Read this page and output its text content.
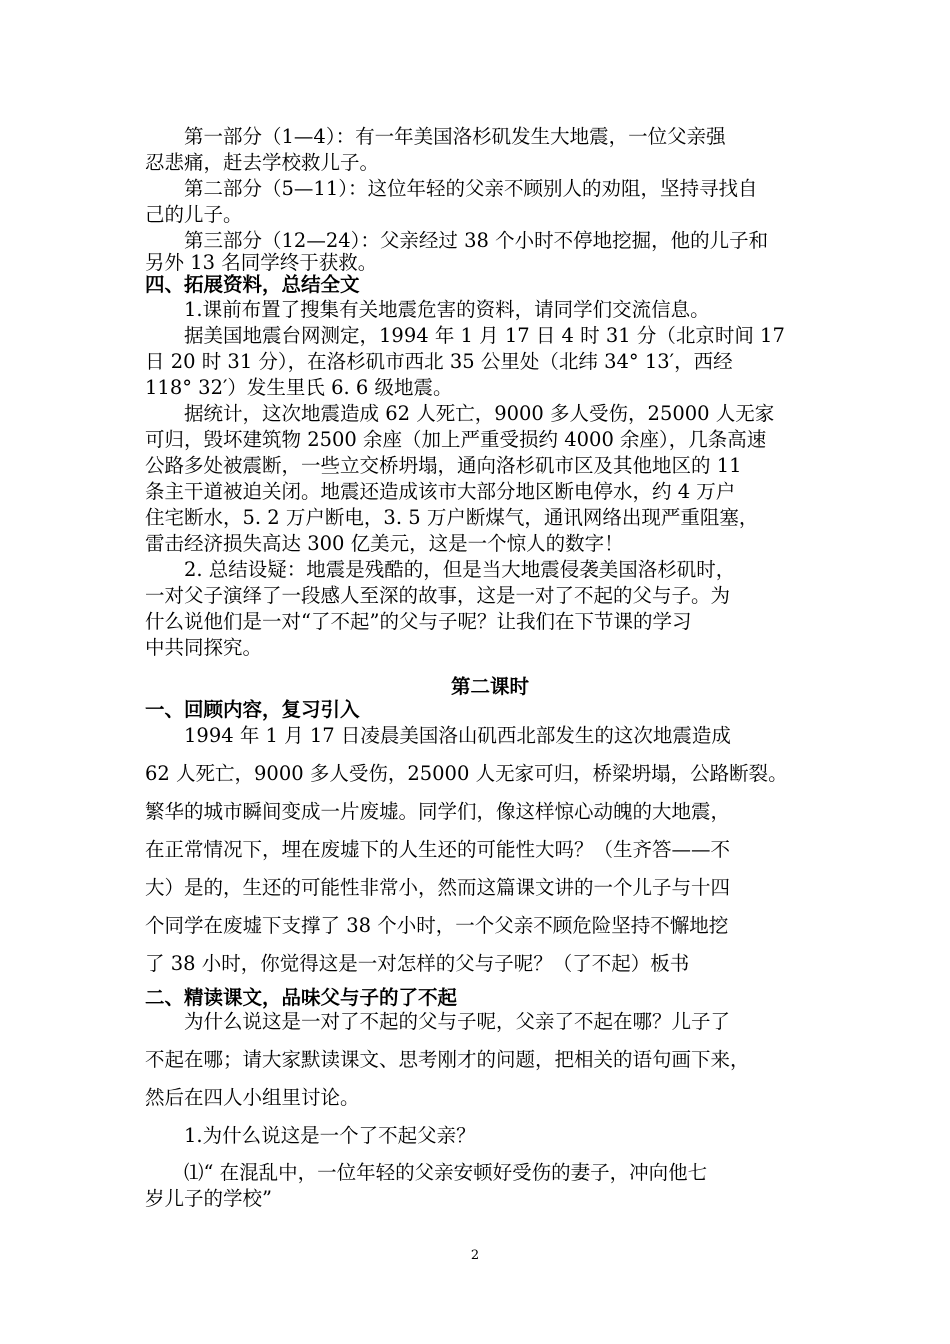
　　第一部分（1—4）：有一年美国洛杉矶发生大地震，一位父亲强

忍悲痛，赶去学校救儿子。

　　第二部分（5—11）：这位年轻的父亲不顾别人的劝阻，坚持寻找自

己的儿子。

　　第三部分（12—24）：父亲经过 38 个小时不停地挖掘，他的儿子和

另外 13 名同学终于获救。

四、拓展资料，总结全文

　　1.课前布置了搜集有关地震危害的资料，请同学们交流信息。

　　据美国地震台网测定，1994 年 1 月 17 日 4 时 31 分（北京时间 17

日 20 时 31 分），在洛杉矶市西北 35 公里处（北纬 34° 13′，西经

118° 32′）发生里氏 6. 6 级地震。

　　据统计，这次地震造成 62 人死亡，9000 多人受伤，25000 人无家

可归，毁坏建筑物 2500 余座（加上严重受损约 4000 余座），几条高速

公路多处被震断，一些立交桥坍塌，通向洛杉矶市区及其他地区的 11

条主干道被迫关闭。地震还造成该市大部分地区断电停水，约 4 万户

住宅断水，5. 2 万户断电，3. 5 万户断煤气，通讯网络出现严重阻塞，

雷击经济损失高达 300 亿美元，这是一个惊人的数字！

　　2. 总结设疑：地震是残酷的，但是当大地震侵袭美国洛杉矶时，

一对父子演绎了一段感人至深的故事，这是一对了不起的父与子。为

什么说他们是一对“了不起”的父与子呢？让我们在下节课的学习

中共同探究。

第二课时

一、回顾内容，复习引入

　　1994 年 1 月 17 日凌晨美国洛山矶西北部发生的这次地震造成

62 人死亡，9000 多人受伤，25000 人无家可归，桥梁坍塌，公路断裂。

繁华的城市瞬间变成一片废墟。同学们，像这样惊心动魄的大地震，

在正常情况下，埋在废墟下的人生还的可能性大吗？（生齐答——不

大）是的，生还的可能性非常小，然而这篇课文讲的一个儿子与十四

个同学在废墟下支撑了 38 个小时，一个父亲不顾危险坚持不懈地挖

了 38 小时，你觉得这是一对怎样的父与子呢？（了不起）板书

二、精读课文，品味父与子的了不起

　　为什么说这是一对了不起的父与子呢，父亲了不起在哪？儿子了

不起在哪；请大家默读课文、思考刚才的问题，把相关的语句画下来，

然后在四人小组里讨论。

　　1.为什么说这是一个了不起父亲？

　　⑴“ 在混乱中，一位年轻的父亲安顿好受伤的妻子，冲向他七

岁儿子的学校”

2
